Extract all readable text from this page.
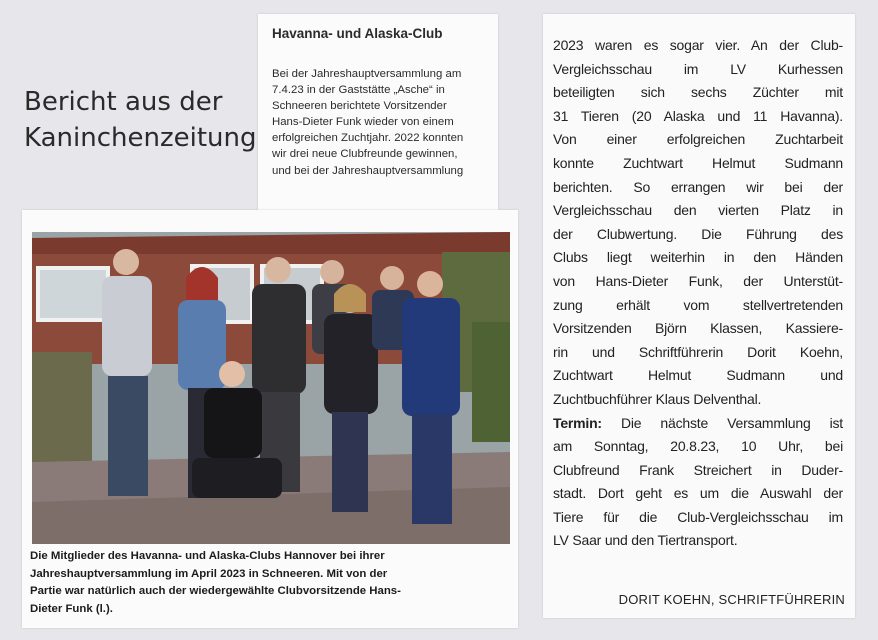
Bericht aus der
Kaninchenzeitung
Havanna- und Alaska-Club
Bei der Jahreshauptversammlung am
7.4.23 in der Gaststätte „Asche“ in
Schneeren berichtete Vorsitzender
Hans-Dieter Funk wieder von einem
erfolgreichen Zuchtjahr. 2022 konnten
wir drei neue Clubfreunde gewinnen,
und bei der Jahreshauptversammlung
Die Mitglieder des Havanna- und Alaska-Clubs Hannover bei ihrer
Jahreshauptversammlung im April 2023 in Schneeren. Mit von der
Partie war natürlich auch der wiedergewählte Clubvorsitzende Hans-
Dieter Funk (l.).
2023 waren es sogar vier. An der Club-
Vergleichsschau im LV Kurhessen
beteiligten sich sechs Züchter mit
31 Tieren (20 Alaska und 11 Havanna).
Von einer erfolgreichen Zuchtarbeit
konnte Zuchtwart Helmut Sudmann
berichten. So errangen wir bei der
Vergleichsschau den vierten Platz in
der Clubwertung. Die Führung des
Clubs liegt weiterhin in den Händen
von Hans-Dieter Funk, der Unterstüt-
zung erhält vom stellvertretenden
Vorsitzenden Björn Klassen, Kassiere-
rin und Schriftführerin Dorit Koehn,
Zuchtwart Helmut Sudmann und
Zuchtbuchführer Klaus Delventhal.
Termin: Die nächste Versammlung ist
am Sonntag, 20.8.23, 10 Uhr, bei
Clubfreund Frank Streichert in Duder-
stadt. Dort geht es um die Auswahl der
Tiere für die Club-Vergleichsschau im
LV Saar und den Tiertransport.
DORIT KOEHN, SCHRIFTFÜHRERIN
